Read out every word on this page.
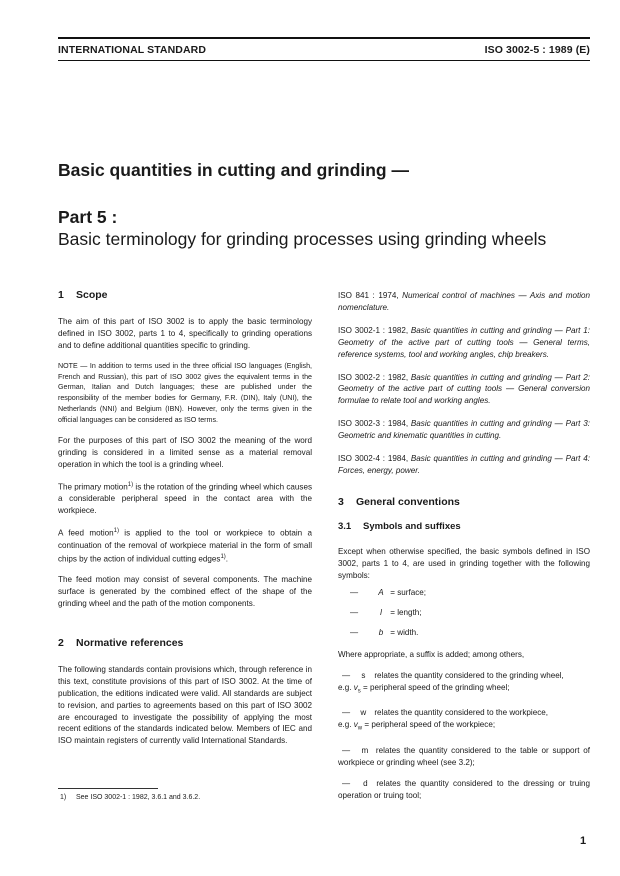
INTERNATIONAL STANDARD	ISO 3002-5 : 1989 (E)
Basic quantities in cutting and grinding —
Part 5 :
Basic terminology for grinding processes using grinding wheels
1 Scope

The aim of this part of ISO 3002 is to apply the basic terminology defined in ISO 3002, parts 1 to 4, specifically to grinding operations and to define additional quantities specific to grinding.

NOTE — In addition to terms used in the three official ISO languages (English, French and Russian), this part of ISO 3002 gives the equivalent terms in the German, Italian and Dutch languages; these are published under the responsibility of the member bodies for Germany, F.R. (DIN), Italy (UNI), the Netherlands (NNI) and Belgium (IBN). However, only the terms given in the official languages can be considered as ISO terms.

For the purposes of this part of ISO 3002 the meaning of the word grinding is considered in a limited sense as a material removal operation in which the tool is a grinding wheel.

The primary motion$^{1)}$ is the rotation of the grinding wheel which causes a considerable peripheral speed in the contact area with the workpiece.

A feed motion$^{1)}$ is applied to the tool or workpiece to obtain a continuation of the removal of workpiece material in the form of small chips by the action of individual cutting edges$^{1)}$.

The feed motion may consist of several components. The machine surface is generated by the combined effect of the shape of the grinding wheel and the path of the motion components.

2 Normative references

The following standards contain provisions which, through reference in this text, constitute provisions of this part of ISO 3002. At the time of publication, the editions indicated were valid. All standards are subject to revision, and parties to agreements based on this part of ISO 3002 are encouraged to investigate the possibility of applying the most recent editions of the standards indicated below. Members of IEC and ISO maintain registers of currently valid International Standards.

ISO 841 : 1974, Numerical control of machines — Axis and motion nomenclature.

ISO 3002-1 : 1982, Basic quantities in cutting and grinding — Part 1: Geometry of the active part of cutting tools — General terms, reference systems, tool and working angles, chip breakers.

ISO 3002-2 : 1982, Basic quantities in cutting and grinding — Part 2: Geometry of the active part of cutting tools — General conversion formulae to relate tool and working angles.

ISO 3002-3 : 1984, Basic quantities in cutting and grinding — Part 3: Geometric and kinematic quantities in cutting.

ISO 3002-4 : 1984, Basic quantities in cutting and grinding — Part 4: Forces, energy, power.

3 General conventions
3.1 Symbols and suffixes

Except when otherwise specified, the basic symbols defined in ISO 3002, parts 1 to 4, are used in grinding together with the following symbols:

— A = surface;
—	l = length;
—	b = width.

Where appropriate, a suffix is added; among others,

— s relates the quantity considered to the grinding wheel,
e.g. $v_s$ = peripheral speed of the grinding wheel;

— w relates the quantity considered to the workpiece,
e.g. $v_w$ = peripheral speed of the workpiece;

— m relates the quantity considered to the table or support of workpiece or grinding wheel (see 3.2);

— d relates the quantity considered to the dressing or truing operation or truing tool;

1) See ISO 3002-1 : 1982, 3.6.1 and 3.6.2.
1
